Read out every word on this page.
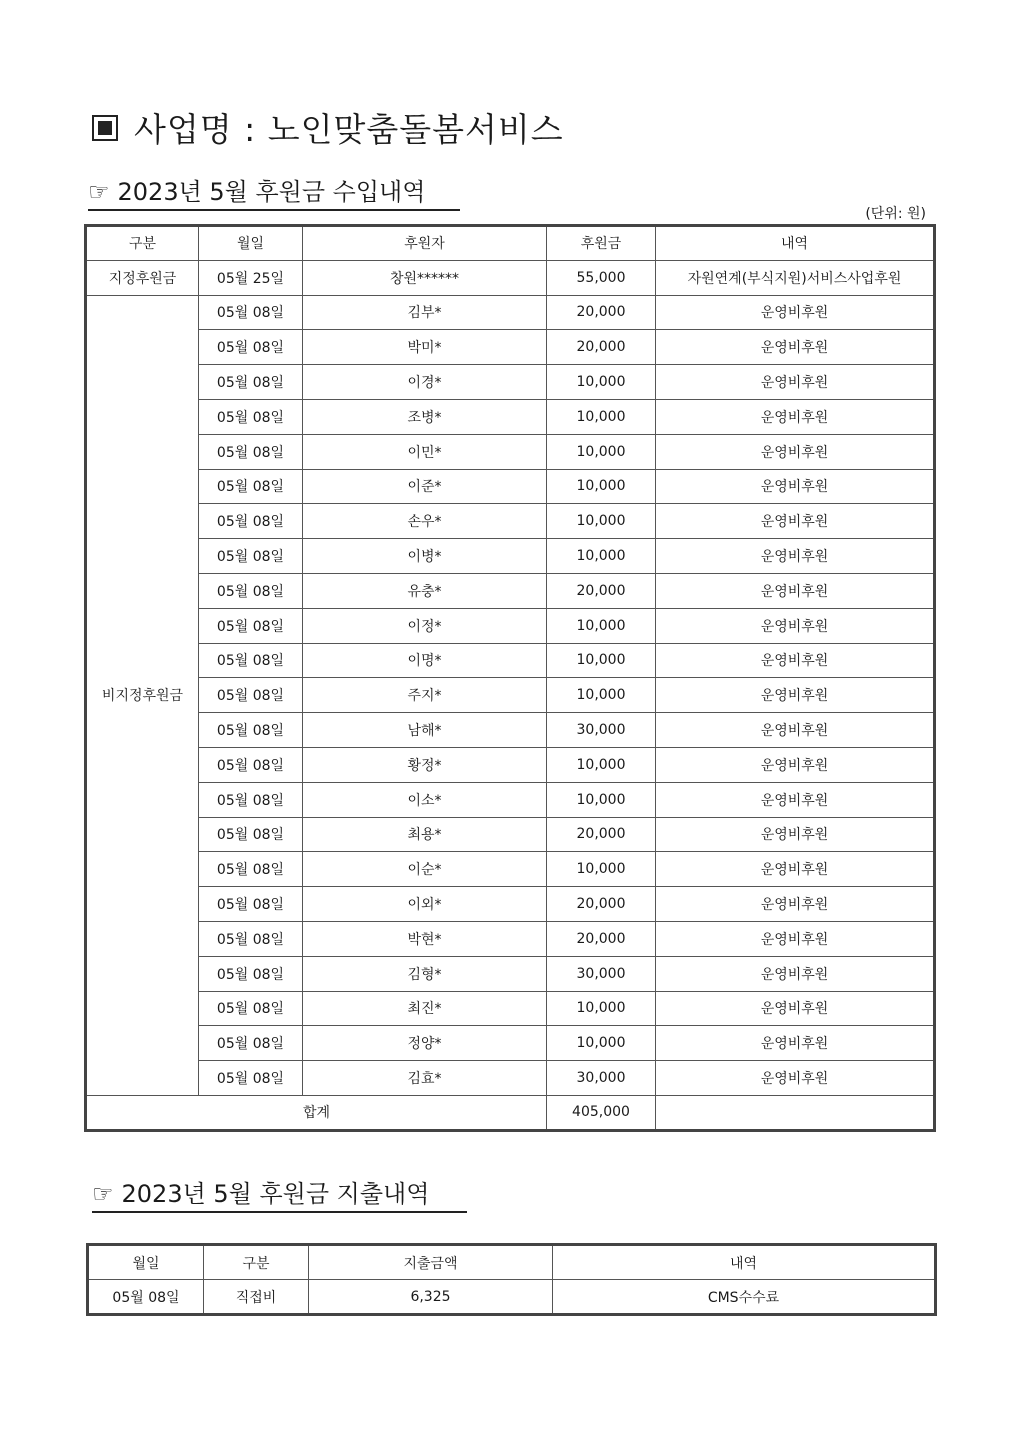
사업명 : 노인맞춤돌봄서비스
☞ 2023년 5월 후원금 수입내역
(단위: 원)
구분	월일	후원자	후원금	내역
지정후원금	05월 25일	창원******	55,000	자원연계(부식지원)서비스사업후원
비지정후원금	05월 08일	김부*	20,000	운영비후원
	05월 08일	박미*	20,000	운영비후원
	05월 08일	이경*	10,000	운영비후원
	05월 08일	조병*	10,000	운영비후원
	05월 08일	이민*	10,000	운영비후원
	05월 08일	이준*	10,000	운영비후원
	05월 08일	손우*	10,000	운영비후원
	05월 08일	이병*	10,000	운영비후원
	05월 08일	유충*	20,000	운영비후원
	05월 08일	이정*	10,000	운영비후원
	05월 08일	이명*	10,000	운영비후원
	05월 08일	주지*	10,000	운영비후원
	05월 08일	남해*	30,000	운영비후원
	05월 08일	황정*	10,000	운영비후원
	05월 08일	이소*	10,000	운영비후원
	05월 08일	최용*	20,000	운영비후원
	05월 08일	이순*	10,000	운영비후원
	05월 08일	이외*	20,000	운영비후원
	05월 08일	박현*	20,000	운영비후원
	05월 08일	김형*	30,000	운영비후원
	05월 08일	최진*	10,000	운영비후원
	05월 08일	정양*	10,000	운영비후원
	05월 08일	김효*	30,000	운영비후원
합계			405,000	
☞ 2023년 5월 후원금 지출내역
월일	구분	지출금액	내역
05월 08일	직접비	6,325	CMS수수료
